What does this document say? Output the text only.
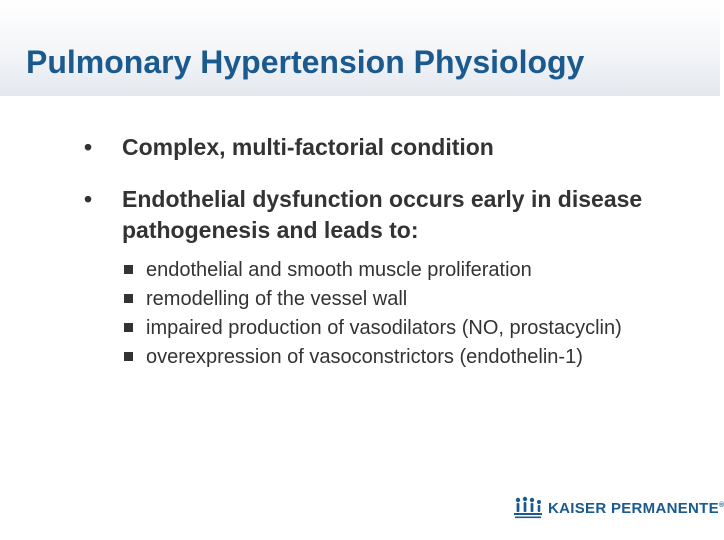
Pulmonary Hypertension Physiology
• Complex, multi-factorial condition
• Endothelial dysfunction occurs early in disease pathogenesis and leads to:
endothelial and smooth muscle proliferation
remodelling of the vessel wall
impaired production of vasodilators (NO, prostacyclin)
overexpression of vasoconstrictors (endothelin-1)
KAISER PERMANENTE®
